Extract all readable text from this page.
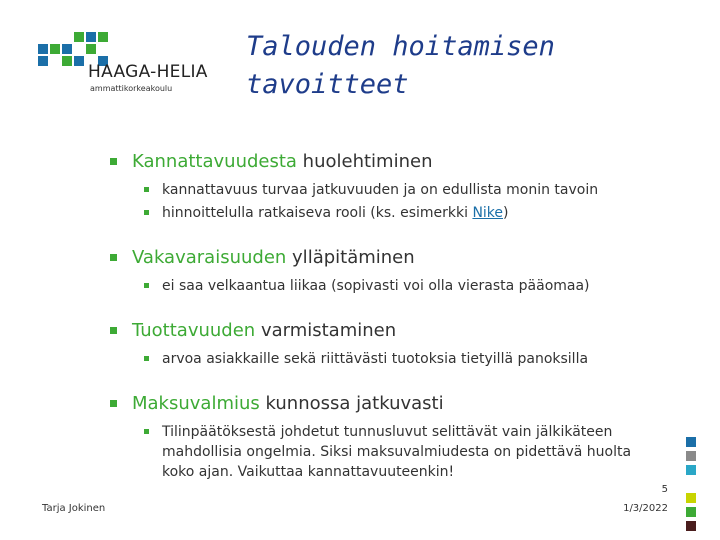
HAAGA-HELIA
ammattikorkeakoulu
Talouden hoitamisen tavoitteet
Kannattavuudesta huolehtiminen
kannattavuus turvaa jatkuvuuden ja on edullista monin tavoin
hinnoittelulla ratkaiseva rooli (ks. esimerkki Nike)
Vakavaraisuuden ylläpitäminen
ei saa velkaantua liikaa (sopivasti voi olla vierasta pääomaa)
Tuottavuuden varmistaminen
arvoa asiakkaille sekä riittävästi tuotoksia tietyillä panoksilla
Maksuvalmius kunnossa jatkuvasti
Tilinpäätöksestä johdetut tunnusluvut selittävät vain jälkikäteen mahdollisia ongelmia. Siksi maksuvalmiudesta on pidettävä huolta koko ajan. Vaikuttaa kannattavuuteenkin!
Tarja Jokinen
5
1/3/2022
